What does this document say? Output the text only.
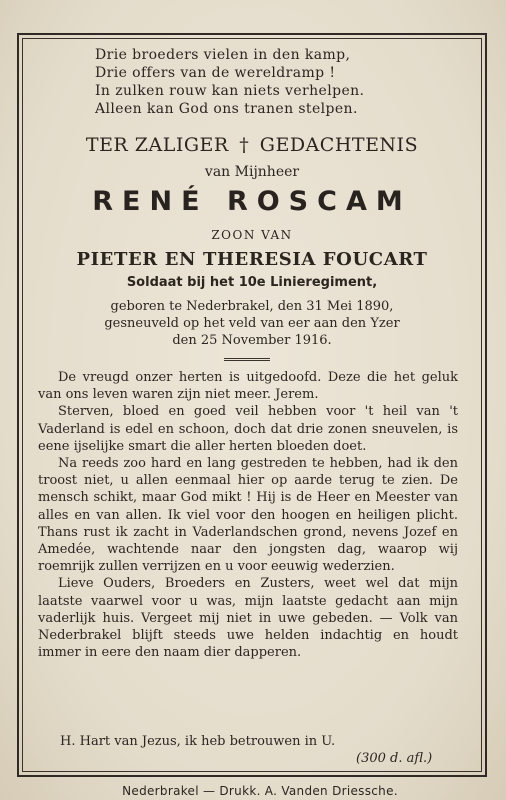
Drie broeders vielen in den kamp,
Drie offers van de wereldramp !
In zulken rouw kan niets verhelpen.
Alleen kan God ons tranen stelpen.
TER ZALIGER † GEDACHTENIS
van Mijnheer
RENÉ ROSCAM
ZOON VAN
PIETER EN THERESIA FOUCART
Soldaat bij het 10e Linieregiment,
geboren te Nederbrakel, den 31 Mei 1890,
gesneuveld op het veld van eer aan den Yzer
den 25 November 1916.

De vreugd onzer herten is uitgedoofd. Deze die het geluk van ons leven waren zijn niet meer. Jerem.

Sterven, bloed en goed veil hebben voor 't heil van 't Vaderland is edel en schoon, doch dat drie zonen sneuvelen, is eene ijselijke smart die aller herten bloeden doet.

Na reeds zoo hard en lang gestreden te hebben, had ik den troost niet, u allen eenmaal hier op aarde terug te zien. De mensch schikt, maar God mikt ! Hij is de Heer en Meester van alles en van allen. Ik viel voor den hoogen en heiligen plicht. Thans rust ik zacht in Vaderlandschen grond, nevens Jozef en Amedée, wachtende naar den jongsten dag, waarop wij roemrijk zullen verrijzen en u voor eeuwig wederzien.

Lieve Ouders, Broeders en Zusters, weet wel dat mijn laatste vaarwel voor u was, mijn laatste gedacht aan mijn vaderlijk huis. Vergeet mij niet in uwe gebeden. — Volk van Nederbrakel blijft steeds uwe helden indachtig en houdt immer in eere den naam dier dapperen.

H. Hart van Jezus, ik heb betrouwen in U.
(300 d. afl.)
Nederbrakel — Drukk. A. Vanden Driessche.
